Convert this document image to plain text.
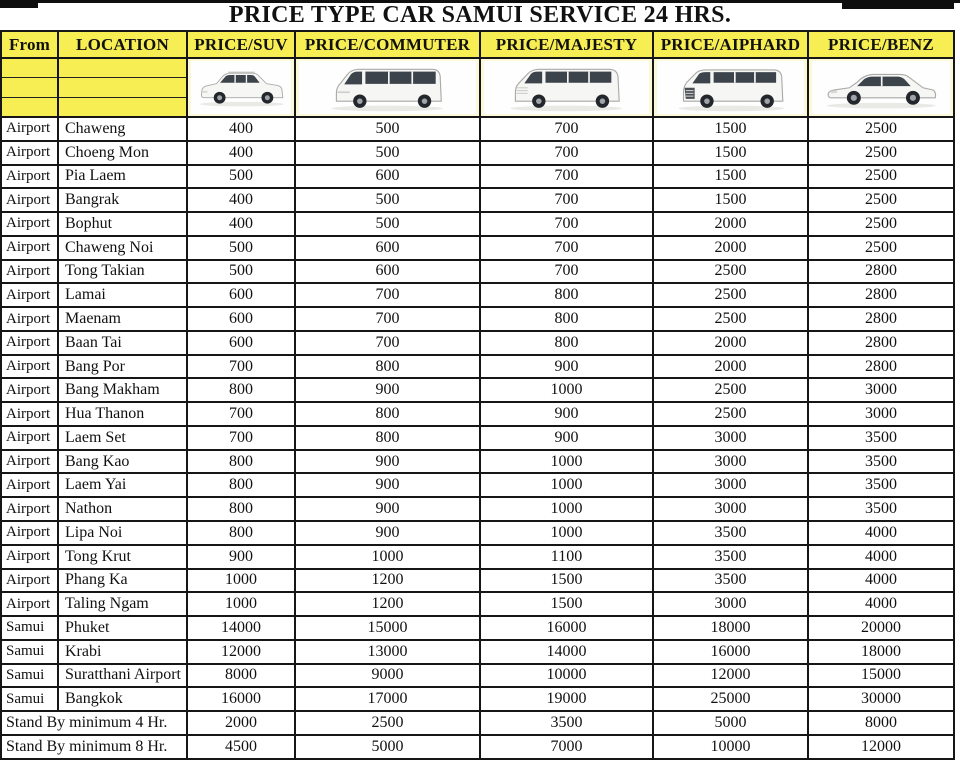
PRICE TYPE CAR SAMUI SERVICE 24 HRS.
From	LOCATION	PRICE/SUV	PRICE/COMMUTER	PRICE/MAJESTY	PRICE/AIPHARD	PRICE/BENZ

Airport	Chaweng	400	500	700	1500	2500
Airport	Choeng Mon	400	500	700	1500	2500
Airport	Pia Laem	500	600	700	1500	2500
Airport	Bangrak	400	500	700	1500	2500
Airport	Bophut	400	500	700	2000	2500
Airport	Chaweng Noi	500	600	700	2000	2500
Airport	Tong Takian	500	600	700	2500	2800
Airport	Lamai	600	700	800	2500	2800
Airport	Maenam	600	700	800	2500	2800
Airport	Baan Tai	600	700	800	2000	2800
Airport	Bang Por	700	800	900	2000	2800
Airport	Bang Makham	800	900	1000	2500	3000
Airport	Hua Thanon	700	800	900	2500	3000
Airport	Laem Set	700	800	900	3000	3500
Airport	Bang Kao	800	900	1000	3000	3500
Airport	Laem Yai	800	900	1000	3000	3500
Airport	Nathon	800	900	1000	3000	3500
Airport	Lipa Noi	800	900	1000	3500	4000
Airport	Tong Krut	900	1000	1100	3500	4000
Airport	Phang Ka	1000	1200	1500	3500	4000
Airport	Taling Ngam	1000	1200	1500	3000	4000
Samui	Phuket	14000	15000	16000	18000	20000
Samui	Krabi	12000	13000	14000	16000	18000
Samui	Suratthani Airport	8000	9000	10000	12000	15000
Samui	Bangkok	16000	17000	19000	25000	30000
Stand By minimum 4 Hr.		2000	2500	3500	5000	8000
Stand By minimum 8 Hr.		4500	5000	7000	10000	12000
